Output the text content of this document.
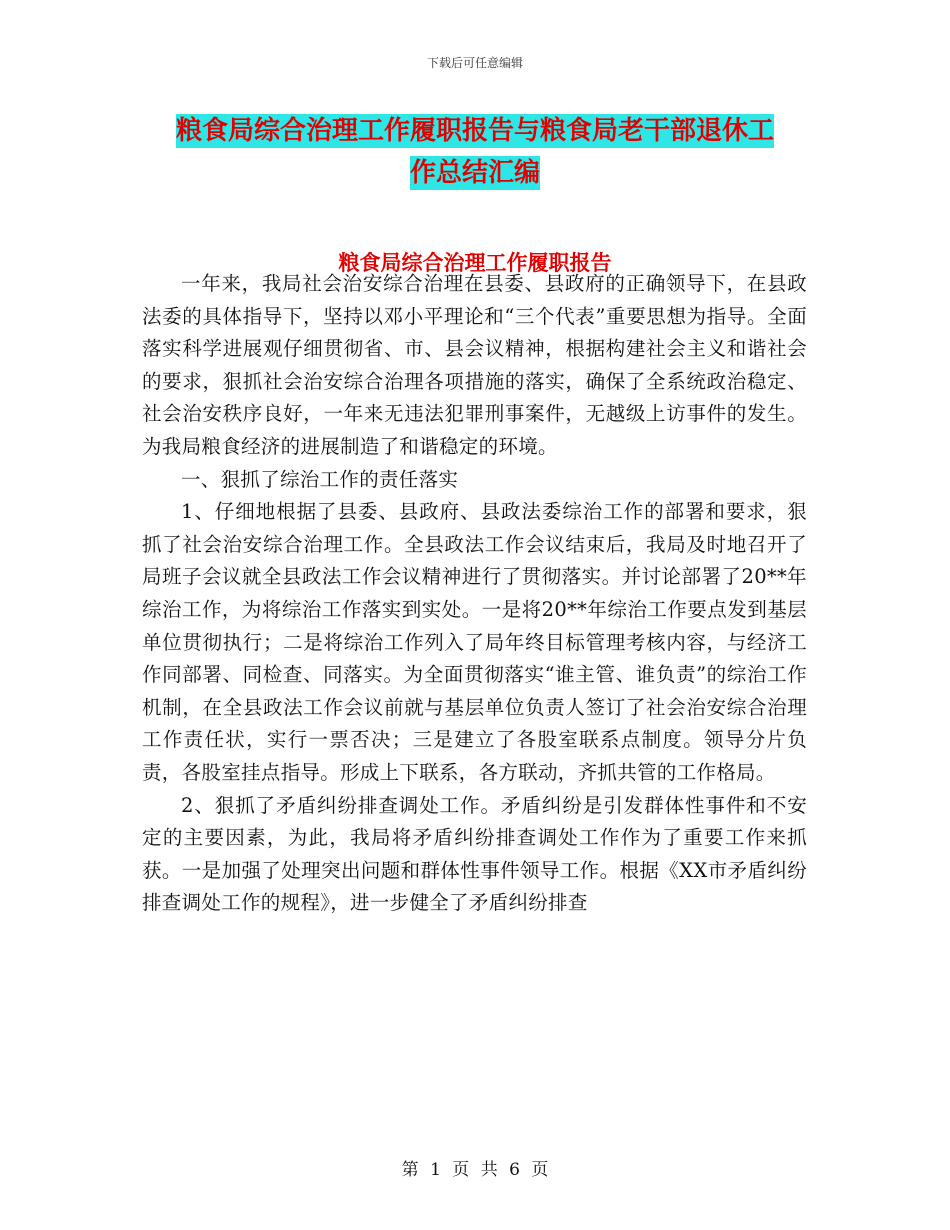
下载后可任意编辑
粮食局综合治理工作履职报告与粮食局老干部退休工
作总结汇编
粮食局综合治理工作履职报告

一年来，我局社会治安综合治理在县委、县政府的正确领导下，在县政法委的具体指导下，坚持以邓小平理论和“三个代表”重要思想为指导。全面落实科学进展观仔细贯彻省、市、县会议精神，根据构建社会主义和谐社会的要求，狠抓社会治安综合治理各项措施的落实，确保了全系统政治稳定、社会治安秩序良好，一年来无违法犯罪刑事案件，无越级上访事件的发生。为我局粮食经济的进展制造了和谐稳定的环境。

一、狠抓了综治工作的责任落实

1、仔细地根据了县委、县政府、县政法委综治工作的部署和要求，狠抓了社会治安综合治理工作。全县政法工作会议结束后，我局及时地召开了局班子会议就全县政法工作会议精神进行了贯彻落实。并讨论部署了20**年综治工作，为将综治工作落实到实处。一是将20**年综治工作要点发到基层单位贯彻执行；二是将综治工作列入了局年终目标管理考核内容，与经济工作同部署、同检查、同落实。为全面贯彻落实“谁主管、谁负责”的综治工作机制，在全县政法工作会议前就与基层单位负责人签订了社会治安综合治理工作责任状，实行一票否决；三是建立了各股室联系点制度。领导分片负责，各股室挂点指导。形成上下联系，各方联动，齐抓共管的工作格局。

2、狠抓了矛盾纠纷排查调处工作。矛盾纠纷是引发群体性事件和不安定的主要因素，为此，我局将矛盾纠纷排查调处工作作为了重要工作来抓获。一是加强了处理突出问题和群体性事件领导工作。根据《XX市矛盾纠纷排查调处工作的规程》，进一步健全了矛盾纠纷排查

第 1 页 共 6 页
